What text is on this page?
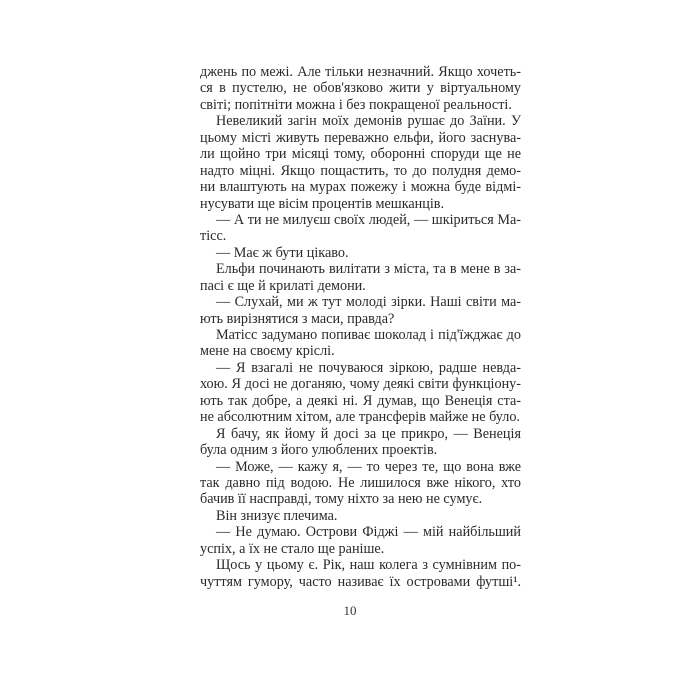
джень по межі. Але тільки незначний. Якщо хочеть-
ся в пустелю, не обов'язково жити у віртуальному
світі; попітніти можна і без покращеної реальності.
Невеликий загін моїх демонів рушає до Заїни. У
цьому місті живуть переважно ельфи, його заснува-
ли щойно три місяці тому, оборонні споруди ще не
надто міцні. Якщо пощастить, то до полудня демо-
ни влаштують на мурах пожежу і можна буде відмі-
нусувати ще вісім процентів мешканців.
— А ти не милуєш своїх людей, — шкіриться Ма-
тісс.
— Має ж бути цікаво.
Ельфи починають вилітати з міста, та в мене в за-
пасі є ще й крилаті демони.
— Слухай, ми ж тут молоді зірки. Наші світи ма-
ють вирізнятися з маси, правда?
Матісс задумано попиває шоколад і під'їжджає до
мене на своєму кріслі.
— Я взагалі не почуваюся зіркою, радше невда-
хою. Я досі не доганяю, чому деякі світи функціону-
ють так добре, а деякі ні. Я думав, що Венеція ста-
не абсолютним хітом, але трансферів майже не було.
Я бачу, як йому й досі за це прикро, — Венеція
була одним з його улюблених проектів.
— Може, — кажу я, — то через те, що вона вже
так давно під водою. Не лишилося вже нікого, хто
бачив її насправді, тому ніхто за нею не сумує.
Він знизує плечима.
— Не думаю. Острови Фіджі — мій найбільший
успіх, а їх не стало ще раніше.
Щось у цьому є. Рік, наш колега з сумнівним по-
чуттям гумору, часто називає їх островами футші¹.
10
